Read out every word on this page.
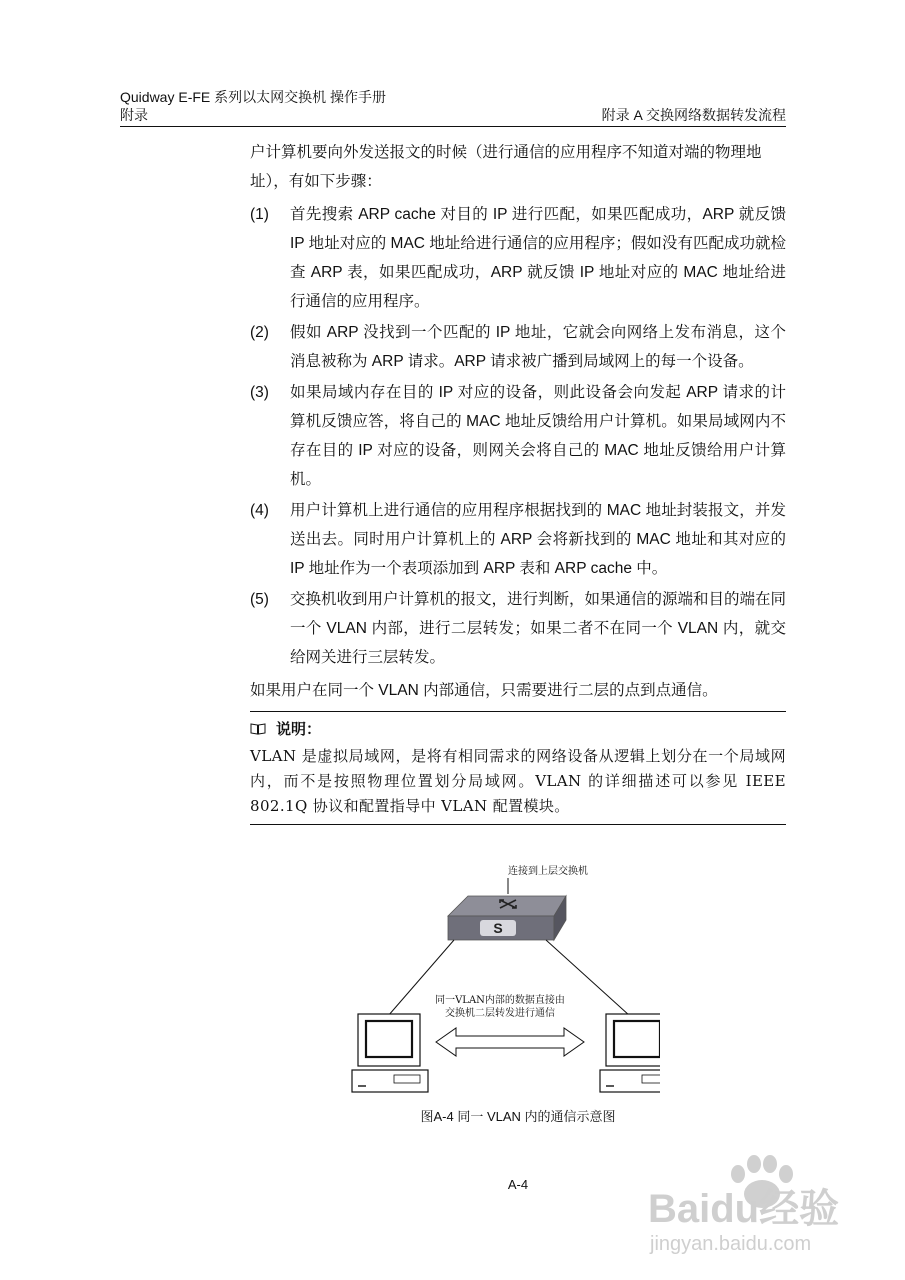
Quidway E-FE 系列以太网交换机 操作手册
附录	附录 A 交换网络数据转发流程
户计算机要向外发送报文的时候（进行通信的应用程序不知道对端的物理地址），有如下步骤：
(1)	首先搜索 ARP cache 对目的 IP 进行匹配，如果匹配成功，ARP 就反馈 IP 地址对应的 MAC 地址给进行通信的应用程序；假如没有匹配成功就检查 ARP 表，如果匹配成功，ARP 就反馈 IP 地址对应的 MAC 地址给进行通信的应用程序。
(2)	假如 ARP 没找到一个匹配的 IP 地址，它就会向网络上发布消息，这个消息被称为 ARP 请求。ARP 请求被广播到局域网上的每一个设备。
(3)	如果局域内存在目的 IP 对应的设备，则此设备会向发起 ARP 请求的计算机反馈应答，将自己的 MAC 地址反馈给用户计算机。如果局域网内不存在目的 IP 对应的设备，则网关会将自己的 MAC 地址反馈给用户计算机。
(4)	用户计算机上进行通信的应用程序根据找到的 MAC 地址封装报文，并发送出去。同时用户计算机上的 ARP 会将新找到的 MAC 地址和其对应的 IP 地址作为一个表项添加到 ARP 表和 ARP cache 中。
(5)	交换机收到用户计算机的报文，进行判断，如果通信的源端和目的端在同一个 VLAN 内部，进行二层转发；如果二者不在同一个 VLAN 内，就交给网关进行三层转发。
如果用户在同一个 VLAN 内部通信，只需要进行二层的点到点通信。
说明：
VLAN 是虚拟局域网，是将有相同需求的网络设备从逻辑上划分在一个局域网内，而不是按照物理位置划分局域网。VLAN 的详细描述可以参见 IEEE 802.1Q 协议和配置指导中 VLAN 配置模块。
连接到上层交换机
S
同一VLAN内部的数据直接由
交换机二层转发进行通信
图A-4 同一 VLAN 内的通信示意图
A-4
Baidu经验
jingyan.baidu.com
